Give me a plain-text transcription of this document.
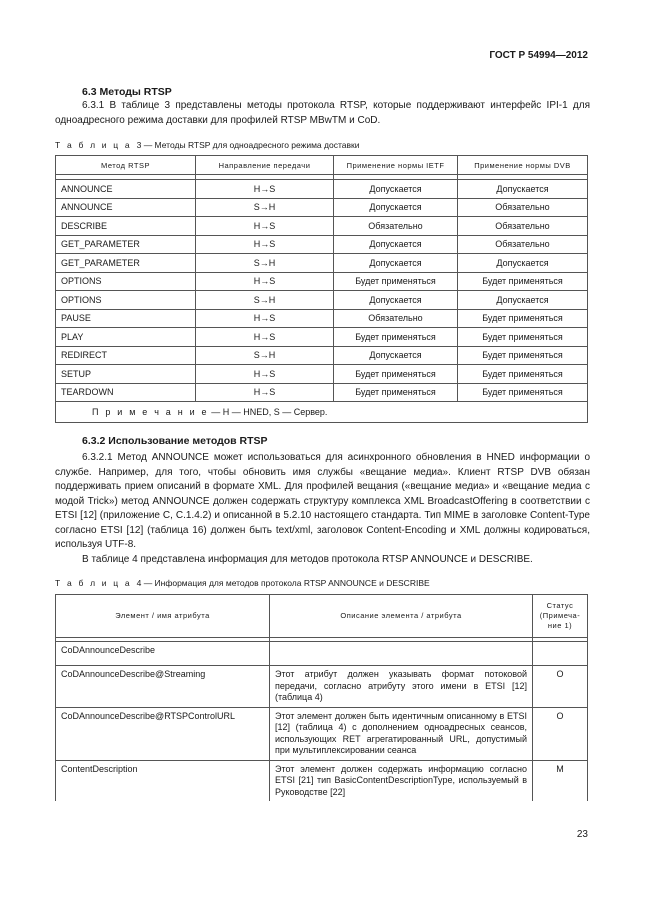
ГОСТ Р 54994—2012
6.3 Методы RTSP

6.3.1 В таблице 3 представлены методы протокола RTSP, которые поддерживают интерфейс IPI-1 для одноадресного режима доставки для профилей RTSP MBwTM и CoD.

Т а б л и ц а 3 — Методы RTSP для одноадресного режима доставки
Метод RTSP	Направление передачи	Применение нормы IETF	Применение нормы DVB

ANNOUNCE	H→S	Допускается	Допускается
ANNOUNCE	S→H	Допускается	Обязательно
DESCRIBE	H→S	Обязательно	Обязательно
GET_PARAMETER	H→S	Допускается	Обязательно
GET_PARAMETER	S→H	Допускается	Допускается
OPTIONS	H→S	Будет применяться	Будет применяться
OPTIONS	S→H	Допускается	Допускается
PAUSE	H→S	Обязательно	Будет применяться
PLAY	H→S	Будет применяться	Будет применяться
REDIRECT	S→H	Допускается	Будет применяться
SETUP	H→S	Будет применяться	Будет применяться
TEARDOWN	H→S	Будет применяться	Будет применяться
П р и м е ч а н и е — H — HNED, S — Сервер.			
6.3.2 Использование методов RTSP

6.3.2.1 Метод ANNOUNCE может использоваться для асинхронного обновления в HNED информации о службе. Например, для того, чтобы обновить имя службы «вещание медиа». Клиент RTSP DVB обязан поддерживать прием описаний в формате XML. Для профилей вещания («вещание медиа» и «вещание медиа с модой Trick») метод ANNOUNCE должен содержать структуру комплекса XML BroadcastOffering в соответствии с ETSI [12] (приложение С, С.1.4.2) и описанной в 5.2.10 настоящего стандарта. Тип MIME в заголовке Content-Type согласно ETSI [12] (таблица 16) должен быть text/xml, заголовок Content-Encoding и XML должны кодироваться, используя UTF-8.

В таблице 4 представлена информация для методов протокола RTSP ANNOUNCE и DESCRIBE.

Т а б л и ц а 4 — Информация для методов протокола RTSP ANNOUNCE и DESCRIBE
Элемент / имя атрибута	Описание элемента / атрибута	Статус (Примеча-ние 1)

CoDAnnounceDescribe		
CoDAnnounceDescribe@Streaming	Этот атрибут должен указывать формат потоковой передачи, согласно атрибуту этого имени в ETSI [12] (таблица 4)	O
CoDAnnounceDescribe@RTSPControlURL	Этот элемент должен быть идентичным описанному в ETSI [12] (таблица 4) с дополнением одноадресных сеансов, использующих RET агрегатированный URL, допустимый при мультиплексировании сеанса	O
ContentDescription	Этот элемент должен содержать информацию согласно ETSI [21] тип BasicContentDescriptionType, используемый в Руководстве [22]	M
23
